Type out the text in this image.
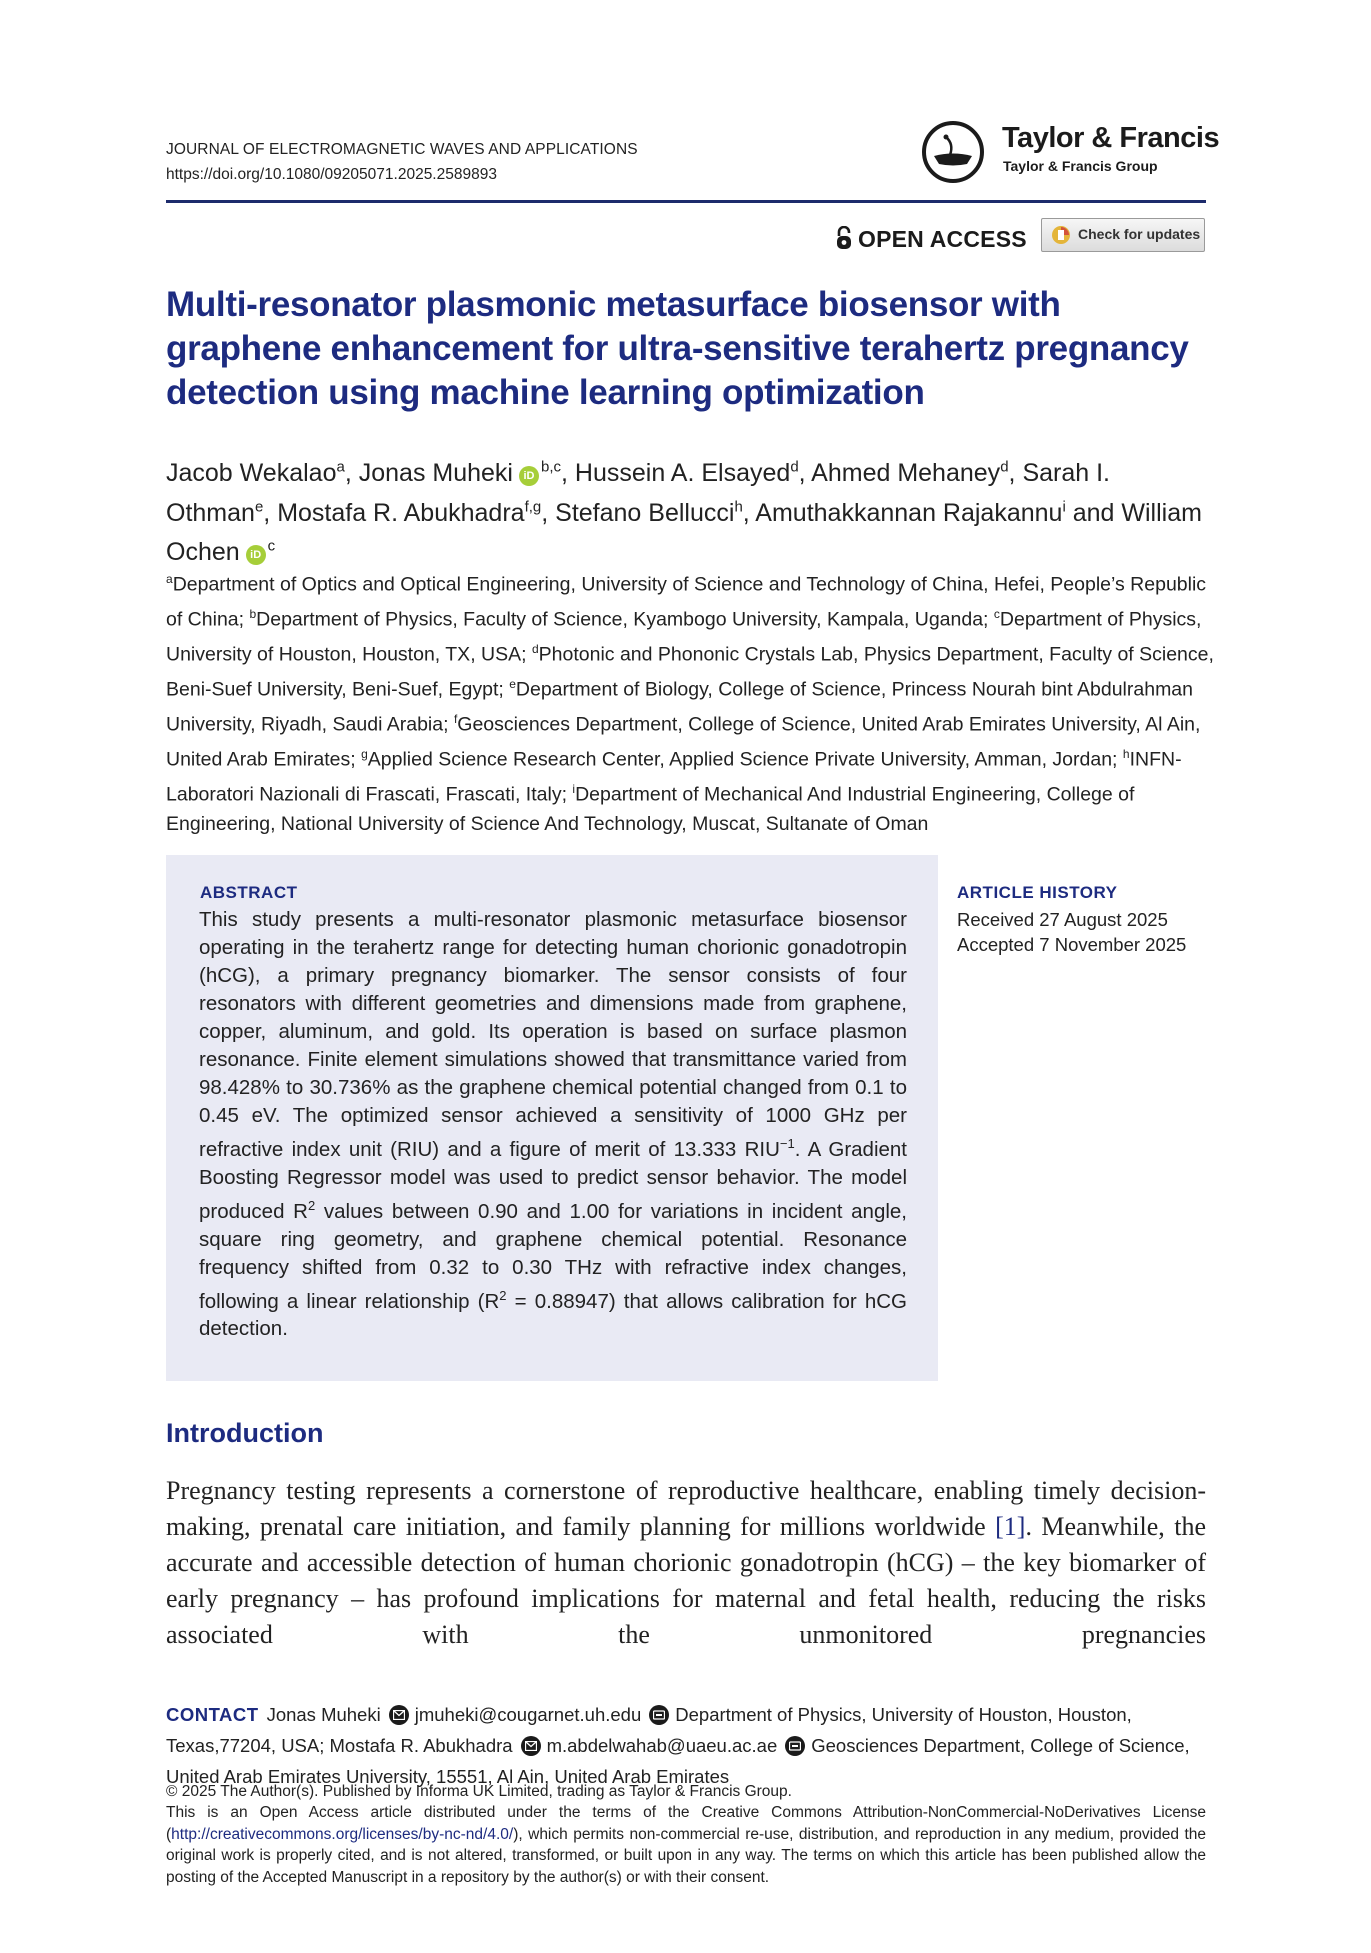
JOURNAL OF ELECTROMAGNETIC WAVES AND APPLICATIONS
https://doi.org/10.1080/09205071.2025.2589893
Taylor & Francis
Taylor & Francis Group
OPEN ACCESS	Check for updates
Multi-resonator plasmonic metasurface biosensor with graphene enhancement for ultra-sensitive terahertz pregnancy detection using machine learning optimization
Jacob Wekalao$^a$, Jonas Muheki iD$^{b,c}$, Hussein A. Elsayed$^d$, Ahmed Mehaney$^d$, Sarah I. Othman$^e$, Mostafa R. Abukhadra$^{f,g}$, Stefano Bellucci$^h$, Amuthakkannan Rajakannu$^i$ and William Ochen $iD^c$
$^a$Department of Optics and Optical Engineering, University of Science and Technology of China, Hefei, People’s Republic of China; $^b$Department of Physics, Faculty of Science, Kyambogo University, Kampala, Uganda; $^c$Department of Physics, University of Houston, Houston, TX, USA; $^d$Photonic and Phononic Crystals Lab, Physics Department, Faculty of Science, Beni-Suef University, Beni-Suef, Egypt; $^e$Department of Biology, College of Science, Princess Nourah bint Abdulrahman University, Riyadh, Saudi Arabia; $^f$Geosciences Department, College of Science, United Arab Emirates University, Al Ain, United Arab Emirates; $^g$Applied Science Research Center, Applied Science Private University, Amman, Jordan; $^h$INFN-Laboratori Nazionali di Frascati, Frascati, Italy; $^i$Department of Mechanical And Industrial Engineering, College of Engineering, National University of Science And Technology, Muscat, Sultanate of Oman
ABSTRACT
This study presents a multi-resonator plasmonic metasurface biosensor operating in the terahertz range for detecting human chorionic gonadotropin (hCG), a primary pregnancy biomarker. The sensor consists of four resonators with different geometries and dimensions made from graphene, copper, aluminum, and gold. Its operation is based on surface plasmon resonance. Finite element simulations showed that transmittance varied from 98.428% to 30.736% as the graphene chemical potential changed from 0.1 to 0.45 eV. The optimized sensor achieved a sensitivity of 1000 GHz per refractive index unit (RIU) and a figure of merit of 13.333 $RIU^{-1}$. A Gradient Boosting Regressor model was used to predict sensor behavior. The model produced $R^2$ values between 0.90 and 1.00 for variations in incident angle, square ring geometry, and graphene chemical potential. Resonance frequency shifted from 0.32 to 0.30 THz with refractive index changes, following a linear relationship $(R^2 = 0.88947)$ that allows calibration for hCG detection.
ARTICLE HISTORY
Received 27 August 2025
Accepted 7 November 2025
Introduction
Pregnancy testing represents a cornerstone of reproductive healthcare, enabling timely decision-making, prenatal care initiation, and family planning for millions worldwide [1]. Meanwhile, the accurate and accessible detection of human chorionic gonadotropin (hCG) – the key biomarker of early pregnancy – has profound implications for maternal and fetal health, reducing the risks associated with the unmonitored pregnancies
CONTACT Jonas Muheki jmuheki@cougarnet.uh.edu Department of Physics, University of Houston, Houston, Texas,77204, USA; Mostafa R. Abukhadra m.abdelwahab@uaeu.ac.ae Geosciences Department, College of Science, United Arab Emirates University, 15551, Al Ain, United Arab Emirates
© 2025 The Author(s). Published by Informa UK Limited, trading as Taylor & Francis Group.
This is an Open Access article distributed under the terms of the Creative Commons Attribution-NonCommercial-NoDerivatives License (http://creativecommons.org/licenses/by-nc-nd/4.0/), which permits non-commercial re-use, distribution, and reproduction in any medium, provided the original work is properly cited, and is not altered, transformed, or built upon in any way. The terms on which this article has been published allow the posting of the Accepted Manuscript in a repository by the author(s) or with their consent.
